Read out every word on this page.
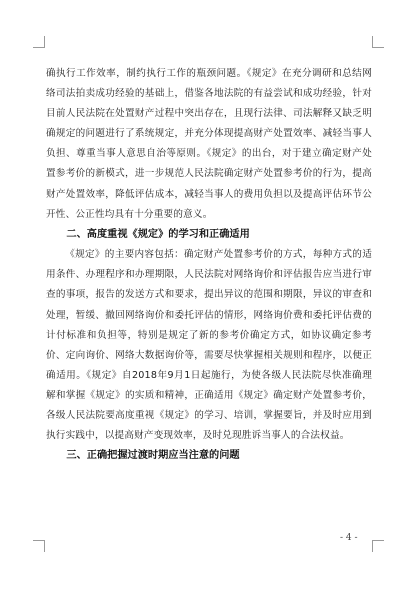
确执行工作效率，制约执行工作的瓶颈问题。《规定》在充分调研和总结网络司法拍卖成功经验的基础上，借鉴各地法院的有益尝试和成功经验，针对目前人民法院在处置财产过程中突出存在，且现行法律、司法解释又缺乏明确规定的问题进行了系统规定，并充分体现提高财产处置效率、减轻当事人负担、尊重当事人意思自治等原则。《规定》的出台，对于建立确定财产处置参考价的新模式，进一步规范人民法院确定财产处置参考价的行为，提高财产处置效率，降低评估成本，减轻当事人的费用负担以及提高评估环节公开性、公正性均具有十分重要的意义。

二、高度重视《规定》的学习和正确适用

《规定》的主要内容包括：确定财产处置参考价的方式，每种方式的适用条件、办理程序和办理期限，人民法院对网络询价和评估报告应当进行审查的事项，报告的发送方式和要求，提出异议的范围和期限，异议的审查和处理，暂缓、撤回网络询价和委托评估的情形，网络询价费和委托评估费的计付标准和负担等，特别是规定了新的参考价确定方式，如协议确定参考价、定向询价、网络大数据询价等，需要尽快掌握相关规则和程序，以便正确适用。《规定》自2018年9月1日起施行，为使各级人民法院尽快准确理解和掌握《规定》的实质和精神，正确适用《规定》确定财产处置参考价，各级人民法院要高度重视《规定》的学习、培训，掌握要旨，并及时应用到执行实践中，以提高财产变现效率，及时兑现胜诉当事人的合法权益。

三、正确把握过渡时期应当注意的问题

- 4 -
